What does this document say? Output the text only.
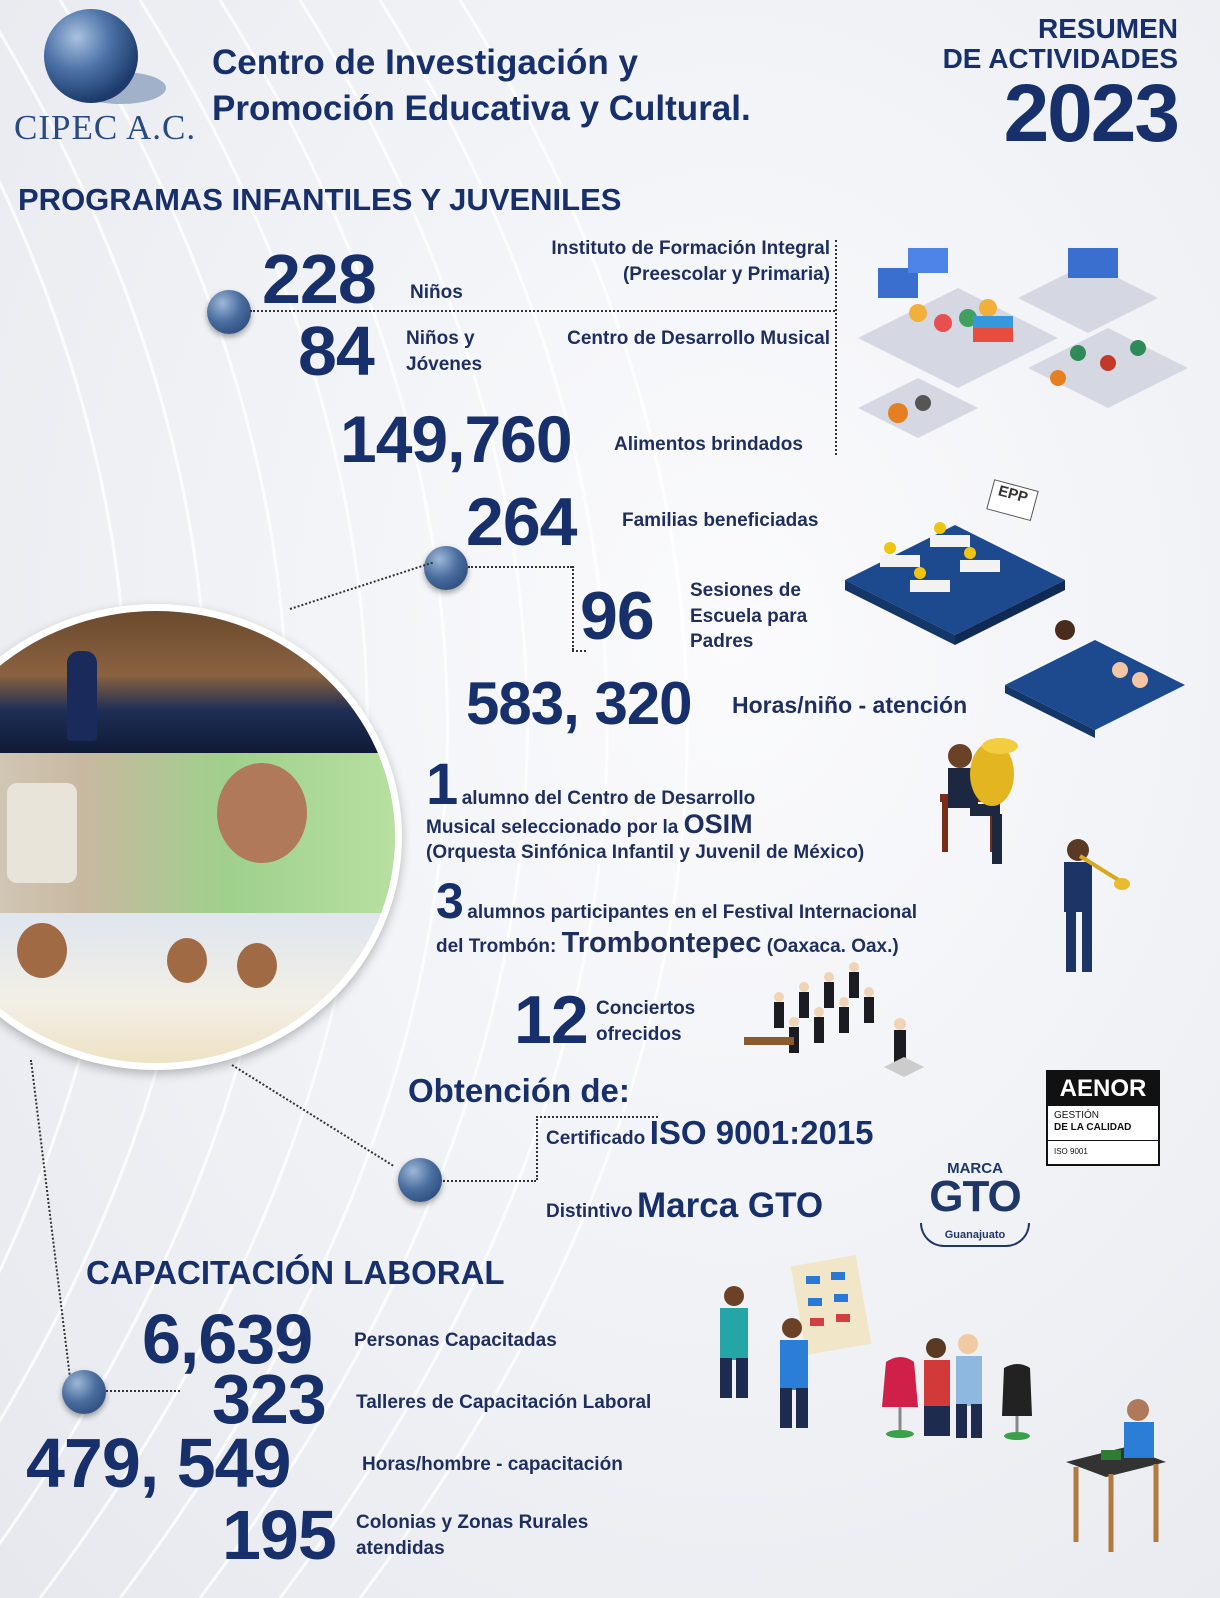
CIPEC A.C.
Centro de Investigación y
Promoción Educativa y Cultural.
RESUMEN
DE ACTIVIDADES
2023
PROGRAMAS INFANTILES Y JUVENILES
228 Niños
Instituto de Formación Integral
(Preescolar y Primaria)
84 Niños y
Jóvenes
Centro de Desarrollo Musical
149,760 Alimentos brindados
264 Familias beneficiadas
96 Sesiones de
Escuela para
Padres
583, 320 Horas/niño - atención
EPP
1 alumno del Centro de Desarrollo
Musical seleccionado por la OSIM
(Orquesta Sinfónica Infantil y Juvenil de México)
3 alumnos participantes en el Festival Internacional
del Trombón: Trombontepec (Oaxaca. Oax.)
12 Conciertos
ofrecidos
Obtención de:
Certificado ISO 9001:2015
Distintivo Marca GTO
AENOR
GESTIÓN
DE LA CALIDAD
ISO 9001
MARCA
GTO
Guanajuato
CAPACITACIÓN LABORAL
6,639 Personas Capacitadas
323 Talleres de Capacitación Laboral
479, 549	Horas/hombre - capacitación
195 Colonias y Zonas Rurales
atendidas
